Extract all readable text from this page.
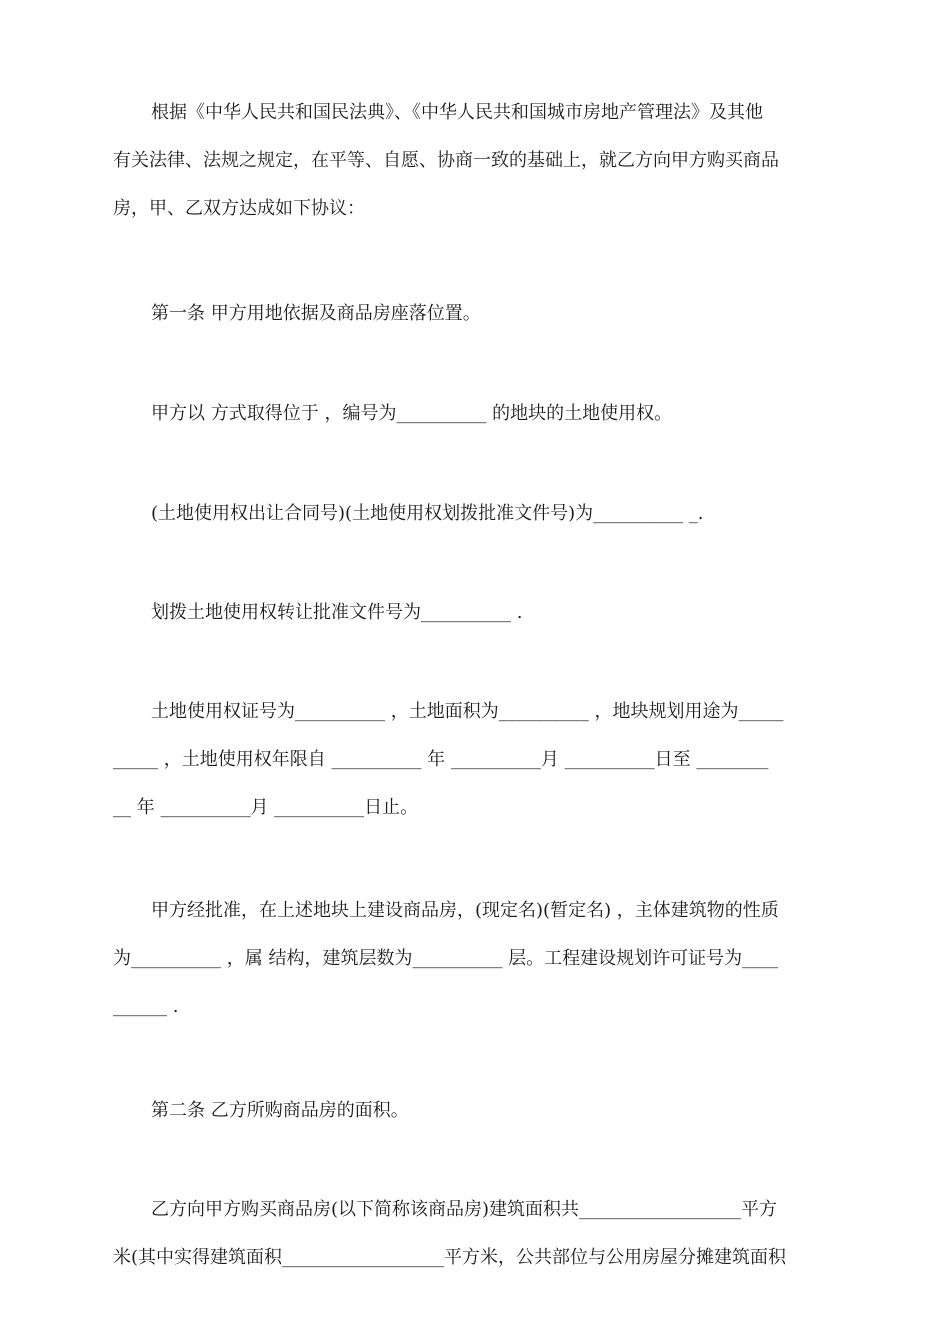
根据《中华人民共和国民法典》、《中华人民共和国城市房地产管理法》及其他
有关法律、法规之规定，在平等、自愿、协商一致的基础上，就乙方向甲方购买商品
房，甲、乙双方达成如下协议：
第一条 甲方用地依据及商品房座落位置。
甲方以 方式取得位于 ，编号为__________ 的地块的土地使用权。
(土地使用权出让合同号)(土地使用权划拨批准文件号)为__________ _.
划拨土地使用权转让批准文件号为__________ .
土地使用权证号为__________ ，土地面积为__________ ，地块规划用途为_____
_____ ，土地使用权年限自 __________ 年 __________月 __________日至 ________
__ 年 __________月 __________日止。
甲方经批准，在上述地块上建设商品房，(现定名)(暂定名) ，主体建筑物的性质
为__________ ，属 结构，建筑层数为__________ 层。工程建设规划许可证号为____
______ .
第二条 乙方所购商品房的面积。
乙方向甲方购买商品房(以下简称该商品房)建筑面积共__________________平方
米(其中实得建筑面积__________________平方米，公共部位与公用房屋分摊建筑面积
